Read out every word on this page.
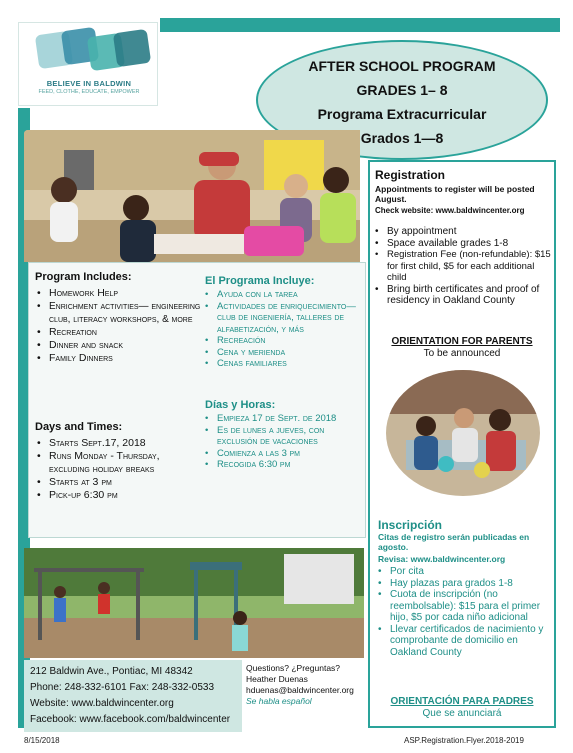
BELIEVE IN BALDWIN
FEED, CLOTHE, EDUCATE, EMPOWER
AFTER SCHOOL PROGRAM
GRADES 1– 8
Programa Extracurricular
Grados 1—8
Program Includes:
• Homework Help
• Enrichment activities— engineering club, literacy workshops, & more
• Recreation
• Dinner and snack
• Family Dinners
Days and Times:
• Starts Sept.17, 2018
• Runs Monday - Thursday, excluding holiday breaks
• Starts at 3 pm
• Pick-up 6:30 pm
El Programa Incluye:
• Ayuda con la tarea
• Actividades de enriquecimiento—club de ingeniería, talleres de alfabetización, y más
• Recreación
• Cena y merienda
• Cenas familiares
Días y Horas:
• Empieza 17 de Sept. de 2018
• Es de lunes a jueves, con exclusión de vacaciones
• Comienza a las 3 pm
• Recogida 6:30 pm
Registration
Appointments to register will be posted August.
Check website: www.baldwincenter.org
• By appointment
• Space available grades 1-8
• Registration Fee (non-refundable): $15 for first child, $5 for each additional child
• Bring birth certificates and proof of residency in Oakland County
ORIENTATION FOR PARENTS
To be announced
Inscripción
Citas de registro serán publicadas en agosto.
Revisa: www.baldwincenter.org
• Por cita
• Hay plazas para grados 1-8
• Cuota de inscripción (no reembolsable): $15 para el primer hijo, $5 por cada niño adicional
• Llevar certificados de nacimiento y comprobante de domicilio en Oakland County
ORIENTACIÓN PARA PADRES
Que se anunciará
212 Baldwin Ave., Pontiac, MI 48342
Phone: 248-332-6101 Fax: 248-332-0533
Website: www.baldwincenter.org
Facebook: www.facebook.com/baldwincenter
Questions? ¿Preguntas?
Heather Duenas
hduenas@baldwincenter.org
Se habla español
8/15/2018	ASP.Registration.Flyer.2018-2019
